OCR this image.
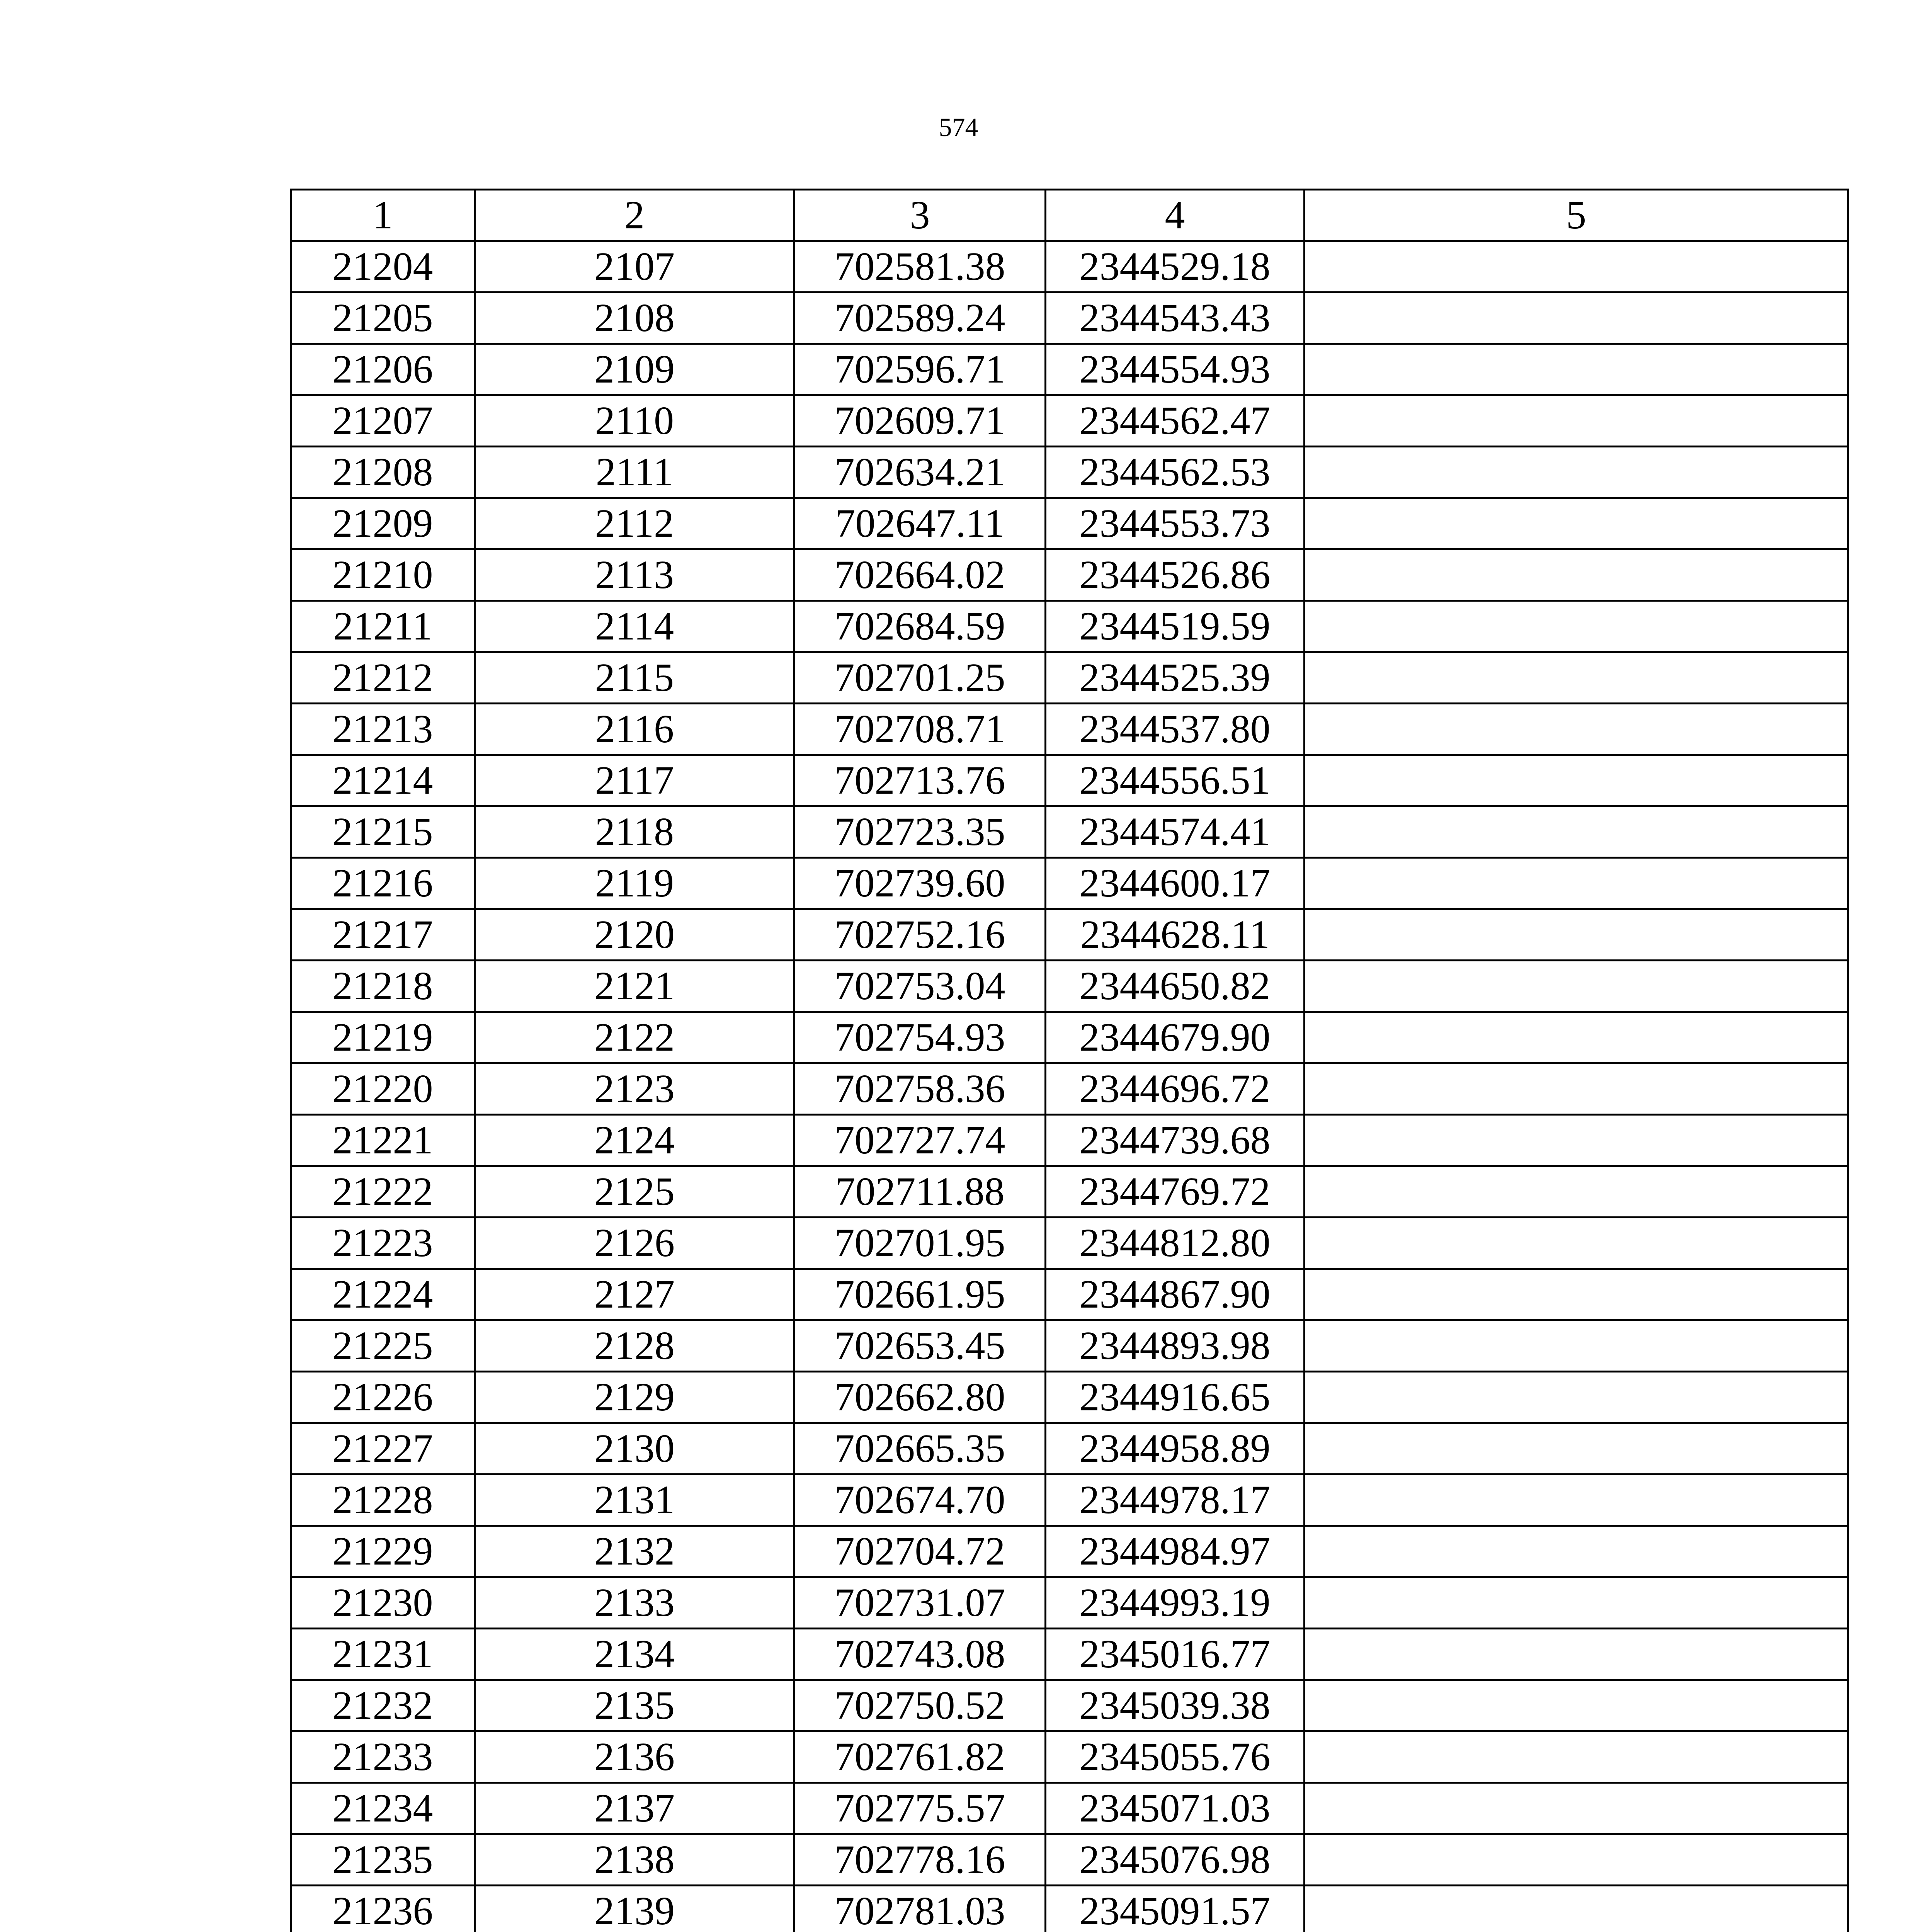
574
1	2	3	4	5
21204	2107	702581.38	2344529.18	
21205	2108	702589.24	2344543.43	
21206	2109	702596.71	2344554.93	
21207	2110	702609.71	2344562.47	
21208	2111	702634.21	2344562.53	
21209	2112	702647.11	2344553.73	
21210	2113	702664.02	2344526.86	
21211	2114	702684.59	2344519.59	
21212	2115	702701.25	2344525.39	
21213	2116	702708.71	2344537.80	
21214	2117	702713.76	2344556.51	
21215	2118	702723.35	2344574.41	
21216	2119	702739.60	2344600.17	
21217	2120	702752.16	2344628.11	
21218	2121	702753.04	2344650.82	
21219	2122	702754.93	2344679.90	
21220	2123	702758.36	2344696.72	
21221	2124	702727.74	2344739.68	
21222	2125	702711.88	2344769.72	
21223	2126	702701.95	2344812.80	
21224	2127	702661.95	2344867.90	
21225	2128	702653.45	2344893.98	
21226	2129	702662.80	2344916.65	
21227	2130	702665.35	2344958.89	
21228	2131	702674.70	2344978.17	
21229	2132	702704.72	2344984.97	
21230	2133	702731.07	2344993.19	
21231	2134	702743.08	2345016.77	
21232	2135	702750.52	2345039.38	
21233	2136	702761.82	2345055.76	
21234	2137	702775.57	2345071.03	
21235	2138	702778.16	2345076.98	
21236	2139	702781.03	2345091.57	
